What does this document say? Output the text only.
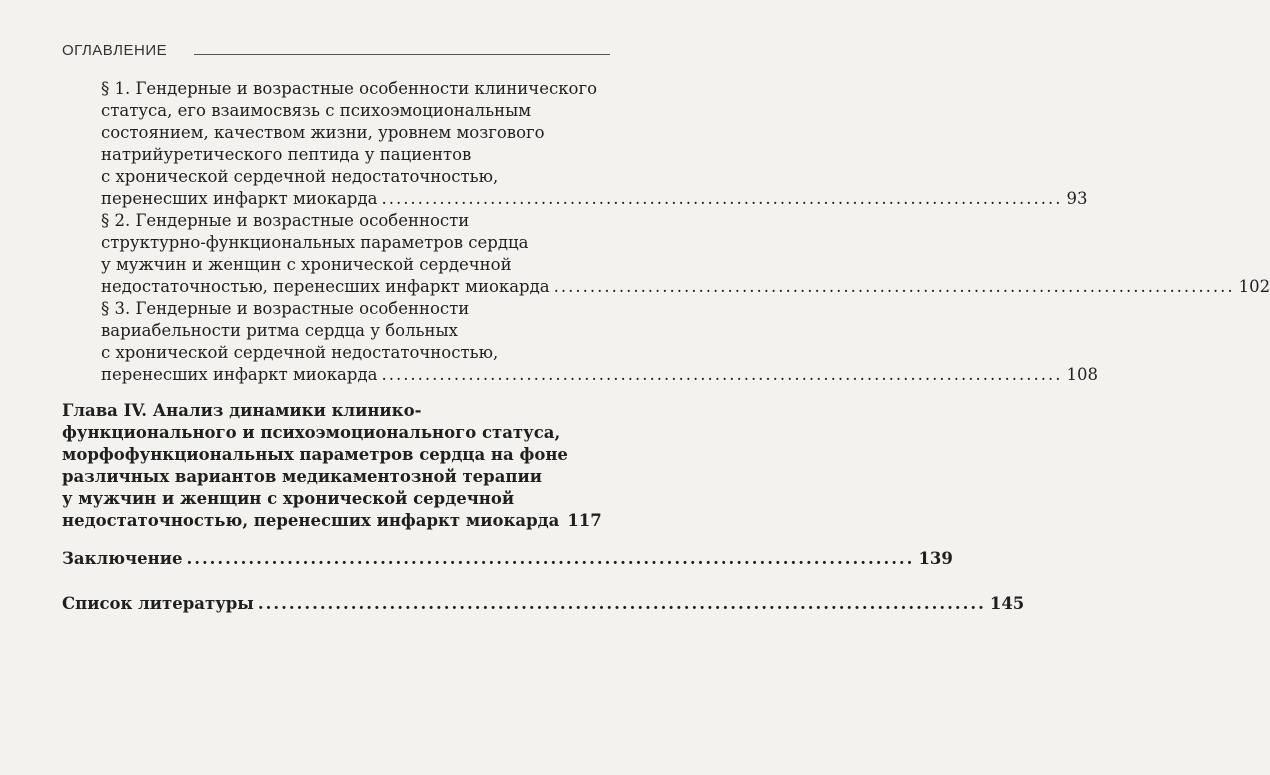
ОГЛАВЛЕНИЕ
§ 1. Гендерные и возрастные особенности клинического
статуса, его взаимосвязь с психоэмоциональным
состоянием, качеством жизни, уровнем мозгового
натрийуретического пептида у пациентов
с хронической сердечной недостаточностью,
перенесших инфаркт миокарда .............................................................................................. 93
§ 2. Гендерные и возрастные особенности
структурно-функциональных параметров сердца
у мужчин и женщин с хронической сердечной
недостаточностью, перенесших инфаркт миокарда .............................................................................................. 102
§ 3. Гендерные и возрастные особенности
вариабельности ритма сердца у больных
с хронической сердечной недостаточностью,
перенесших инфаркт миокарда .............................................................................................. 108
Глава IV. Анализ динамики клинико-
функционального и психоэмоционального статуса,
морфофункциональных параметров сердца на фоне
различных вариантов медикаментозной терапии
у мужчин и женщин с хронической сердечной
недостаточностью, перенесших инфаркт миокарда 117
Заключение .............................................................................................. 139
Список литературы .............................................................................................. 145
